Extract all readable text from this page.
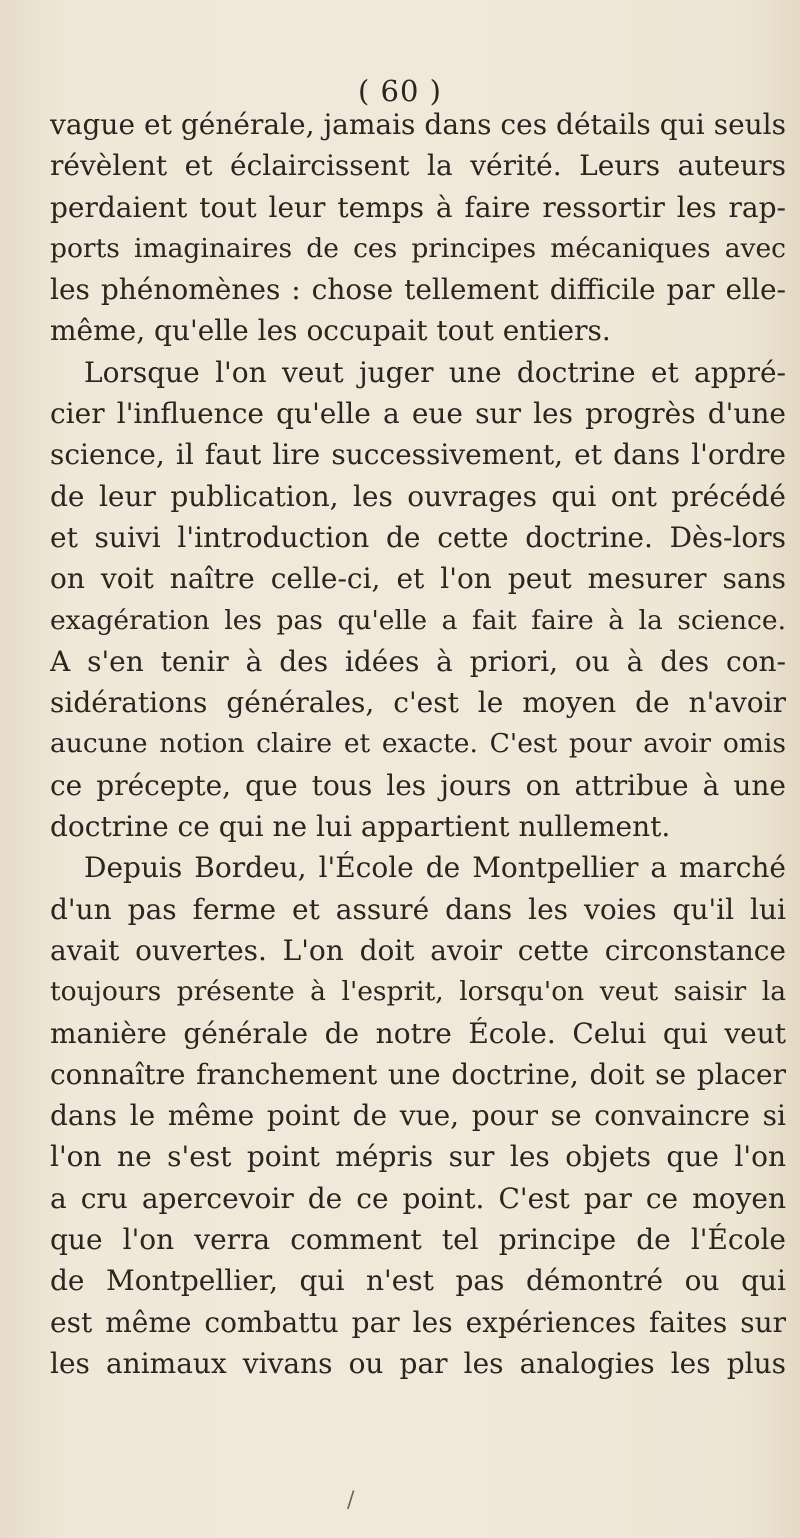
( 60 )
vague et générale, jamais dans ces détails qui seuls
révèlent et éclaircissent la vérité. Leurs auteurs
perdaient tout leur temps à faire ressortir les rap-
ports imaginaires de ces principes mécaniques avec
les phénomènes : chose tellement difficile par elle-
même, qu'elle les occupait tout entiers.
Lorsque l'on veut juger une doctrine et appré-
cier l'influence qu'elle a eue sur les progrès d'une
science, il faut lire successivement, et dans l'ordre
de leur publication, les ouvrages qui ont précédé
et suivi l'introduction de cette doctrine. Dès-lors
on voit naître celle-ci, et l'on peut mesurer sans
exagération les pas qu'elle a fait faire à la science.
A s'en tenir à des idées à priori, ou à des con-
sidérations générales, c'est le moyen de n'avoir
aucune notion claire et exacte. C'est pour avoir omis
ce précepte, que tous les jours on attribue à une
doctrine ce qui ne lui appartient nullement.
Depuis Bordeu, l'École de Montpellier a marché
d'un pas ferme et assuré dans les voies qu'il lui
avait ouvertes. L'on doit avoir cette circonstance
toujours présente à l'esprit, lorsqu'on veut saisir la
manière générale de notre École. Celui qui veut
connaître franchement une doctrine, doit se placer
dans le même point de vue, pour se convaincre si
l'on ne s'est point mépris sur les objets que l'on
a cru apercevoir de ce point. C'est par ce moyen
que l'on verra comment tel principe de l'École
de Montpellier, qui n'est pas démontré ou qui
est même combattu par les expériences faites sur
les animaux vivans ou par les analogies les plus
/
